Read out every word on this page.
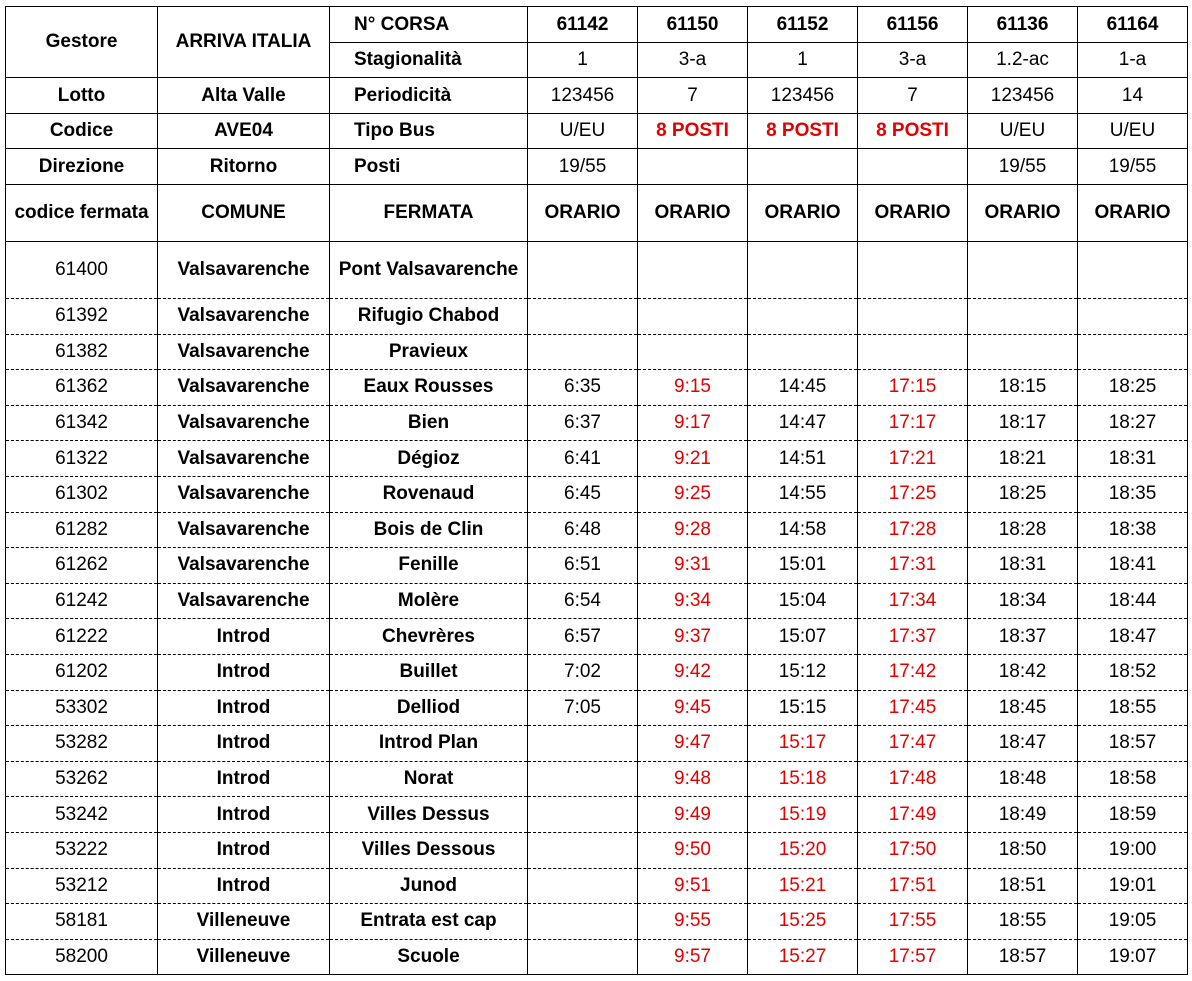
Gestore	ARRIVA ITALIA	N° CORSA	61142	61150	61152	61156	61136	61164
		Stagionalità	1	3-a	1	3-a	1.2-ac	1-a
Lotto	Alta Valle	Periodicità	123456	7	123456	7	123456	14
Codice	AVE04	Tipo Bus	U/EU	8 POSTI	8 POSTI	8 POSTI	U/EU	U/EU
Direzione	Ritorno	Posti	19/55				19/55	19/55
codice fermata	COMUNE	FERMATA	ORARIO	ORARIO	ORARIO	ORARIO	ORARIO	ORARIO
61400	Valsavarenche	Pont Valsavarenche						
61392	Valsavarenche	Rifugio Chabod						
61382	Valsavarenche	Pravieux						
61362	Valsavarenche	Eaux Rousses	6:35	9:15	14:45	17:15	18:15	18:25
61342	Valsavarenche	Bien	6:37	9:17	14:47	17:17	18:17	18:27
61322	Valsavarenche	Dégioz	6:41	9:21	14:51	17:21	18:21	18:31
61302	Valsavarenche	Rovenaud	6:45	9:25	14:55	17:25	18:25	18:35
61282	Valsavarenche	Bois de Clin	6:48	9:28	14:58	17:28	18:28	18:38
61262	Valsavarenche	Fenille	6:51	9:31	15:01	17:31	18:31	18:41
61242	Valsavarenche	Molère	6:54	9:34	15:04	17:34	18:34	18:44
61222	Introd	Chevrères	6:57	9:37	15:07	17:37	18:37	18:47
61202	Introd	Buillet	7:02	9:42	15:12	17:42	18:42	18:52
53302	Introd	Delliod	7:05	9:45	15:15	17:45	18:45	18:55
53282	Introd	Introd Plan		9:47	15:17	17:47	18:47	18:57
53262	Introd	Norat		9:48	15:18	17:48	18:48	18:58
53242	Introd	Villes Dessus		9:49	15:19	17:49	18:49	18:59
53222	Introd	Villes Dessous		9:50	15:20	17:50	18:50	19:00
53212	Introd	Junod		9:51	15:21	17:51	18:51	19:01
58181	Villeneuve	Entrata est cap		9:55	15:25	17:55	18:55	19:05
58200	Villeneuve	Scuole		9:57	15:27	17:57	18:57	19:07
